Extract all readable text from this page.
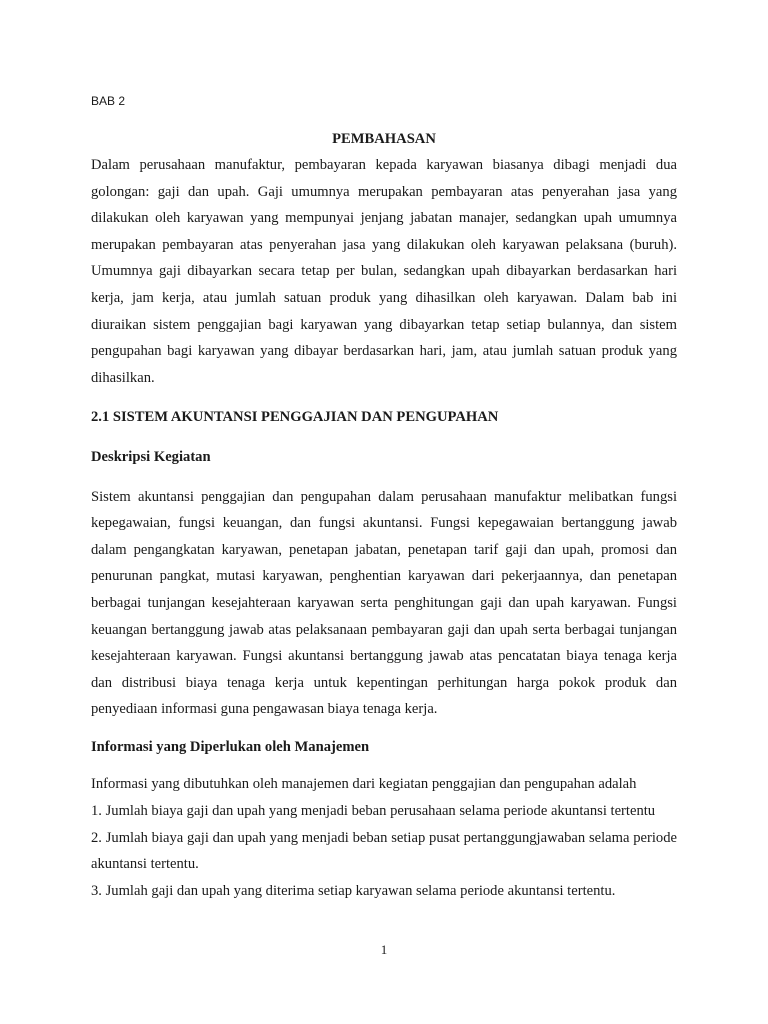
BAB 2

PEMBAHASAN

Dalam perusahaan manufaktur, pembayaran kepada karyawan biasanya dibagi menjadi dua golongan: gaji dan upah. Gaji umumnya merupakan pembayaran atas penyerahan jasa yang dilakukan oleh karyawan yang mempunyai jenjang jabatan manajer, sedangkan upah umumnya merupakan pembayaran atas penyerahan jasa yang dilakukan oleh karyawan pelaksana (buruh). Umumnya gaji dibayarkan secara tetap per bulan, sedangkan upah dibayarkan berdasarkan hari kerja, jam kerja, atau jumlah satuan produk yang dihasilkan oleh karyawan. Dalam bab ini diuraikan sistem penggajian bagi karyawan yang dibayarkan tetap setiap bulannya, dan sistem pengupahan bagi karyawan yang dibayar berdasarkan hari, jam, atau jumlah satuan produk yang dihasilkan.

2.1 SISTEM AKUNTANSI PENGGAJIAN DAN PENGUPAHAN

Deskripsi Kegiatan

Sistem akuntansi penggajian dan pengupahan dalam perusahaan manufaktur melibatkan fungsi kepegawaian, fungsi keuangan, dan fungsi akuntansi. Fungsi kepegawaian bertanggung jawab dalam pengangkatan karyawan, penetapan jabatan, penetapan tarif gaji dan upah, promosi dan penurunan pangkat, mutasi karyawan, penghentian karyawan dari pekerjaannya, dan penetapan berbagai tunjangan kesejahteraan karyawan serta penghitungan gaji dan upah karyawan. Fungsi keuangan bertanggung jawab atas pelaksanaan pembayaran gaji dan upah serta berbagai tunjangan kesejahteraan karyawan. Fungsi akuntansi bertanggung jawab atas pencatatan biaya tenaga kerja dan distribusi biaya tenaga kerja untuk kepentingan perhitungan harga pokok produk dan penyediaan informasi guna pengawasan biaya tenaga kerja.

Informasi yang Diperlukan oleh Manajemen

Informasi yang dibutuhkan oleh manajemen dari kegiatan penggajian dan pengupahan adalah

1. Jumlah biaya gaji dan upah yang menjadi beban perusahaan selama periode akuntansi tertentu

2. Jumlah biaya gaji dan upah yang menjadi beban setiap pusat pertanggungjawaban selama periode akuntansi tertentu.

3. Jumlah gaji dan upah yang diterima setiap karyawan selama periode akuntansi tertentu.

1
